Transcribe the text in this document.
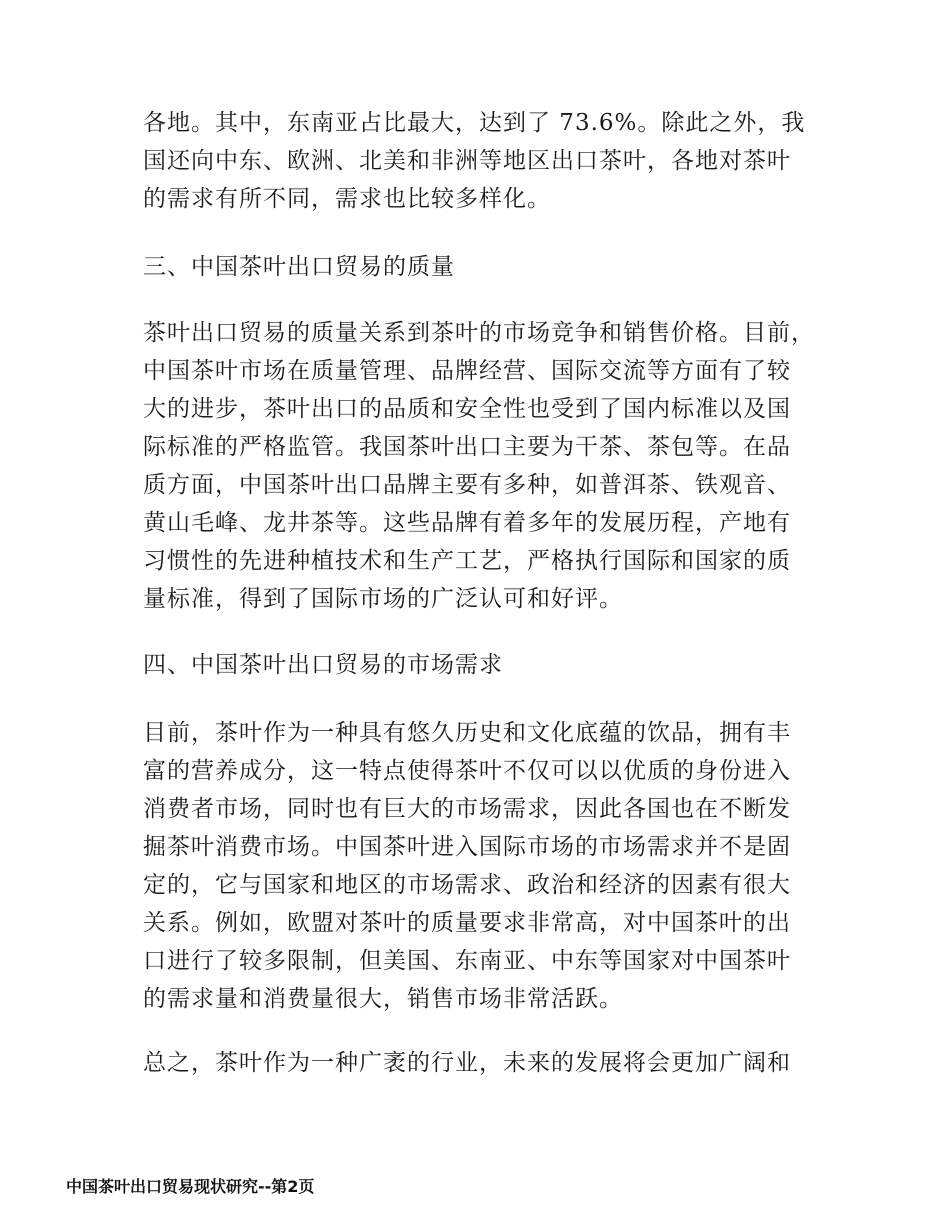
各地。其中，东南亚占比最大，达到了 73.6%。除此之外，我
国还向中东、欧洲、北美和非洲等地区出口茶叶，各地对茶叶
的需求有所不同，需求也比较多样化。

三、中国茶叶出口贸易的质量

茶叶出口贸易的质量关系到茶叶的市场竞争和销售价格。目前，
中国茶叶市场在质量管理、品牌经营、国际交流等方面有了较
大的进步，茶叶出口的品质和安全性也受到了国内标准以及国
际标准的严格监管。我国茶叶出口主要为干茶、茶包等。在品
质方面，中国茶叶出口品牌主要有多种，如普洱茶、铁观音、
黄山毛峰、龙井茶等。这些品牌有着多年的发展历程，产地有
习惯性的先进种植技术和生产工艺，严格执行国际和国家的质
量标准，得到了国际市场的广泛认可和好评。

四、中国茶叶出口贸易的市场需求

目前，茶叶作为一种具有悠久历史和文化底蕴的饮品，拥有丰
富的营养成分，这一特点使得茶叶不仅可以以优质的身份进入
消费者市场，同时也有巨大的市场需求，因此各国也在不断发
掘茶叶消费市场。中国茶叶进入国际市场的市场需求并不是固
定的，它与国家和地区的市场需求、政治和经济的因素有很大
关系。例如，欧盟对茶叶的质量要求非常高，对中国茶叶的出
口进行了较多限制，但美国、东南亚、中东等国家对中国茶叶
的需求量和消费量很大，销售市场非常活跃。

总之，茶叶作为一种广袤的行业，未来的发展将会更加广阔和

中国茶叶出口贸易现状研究--第2页
